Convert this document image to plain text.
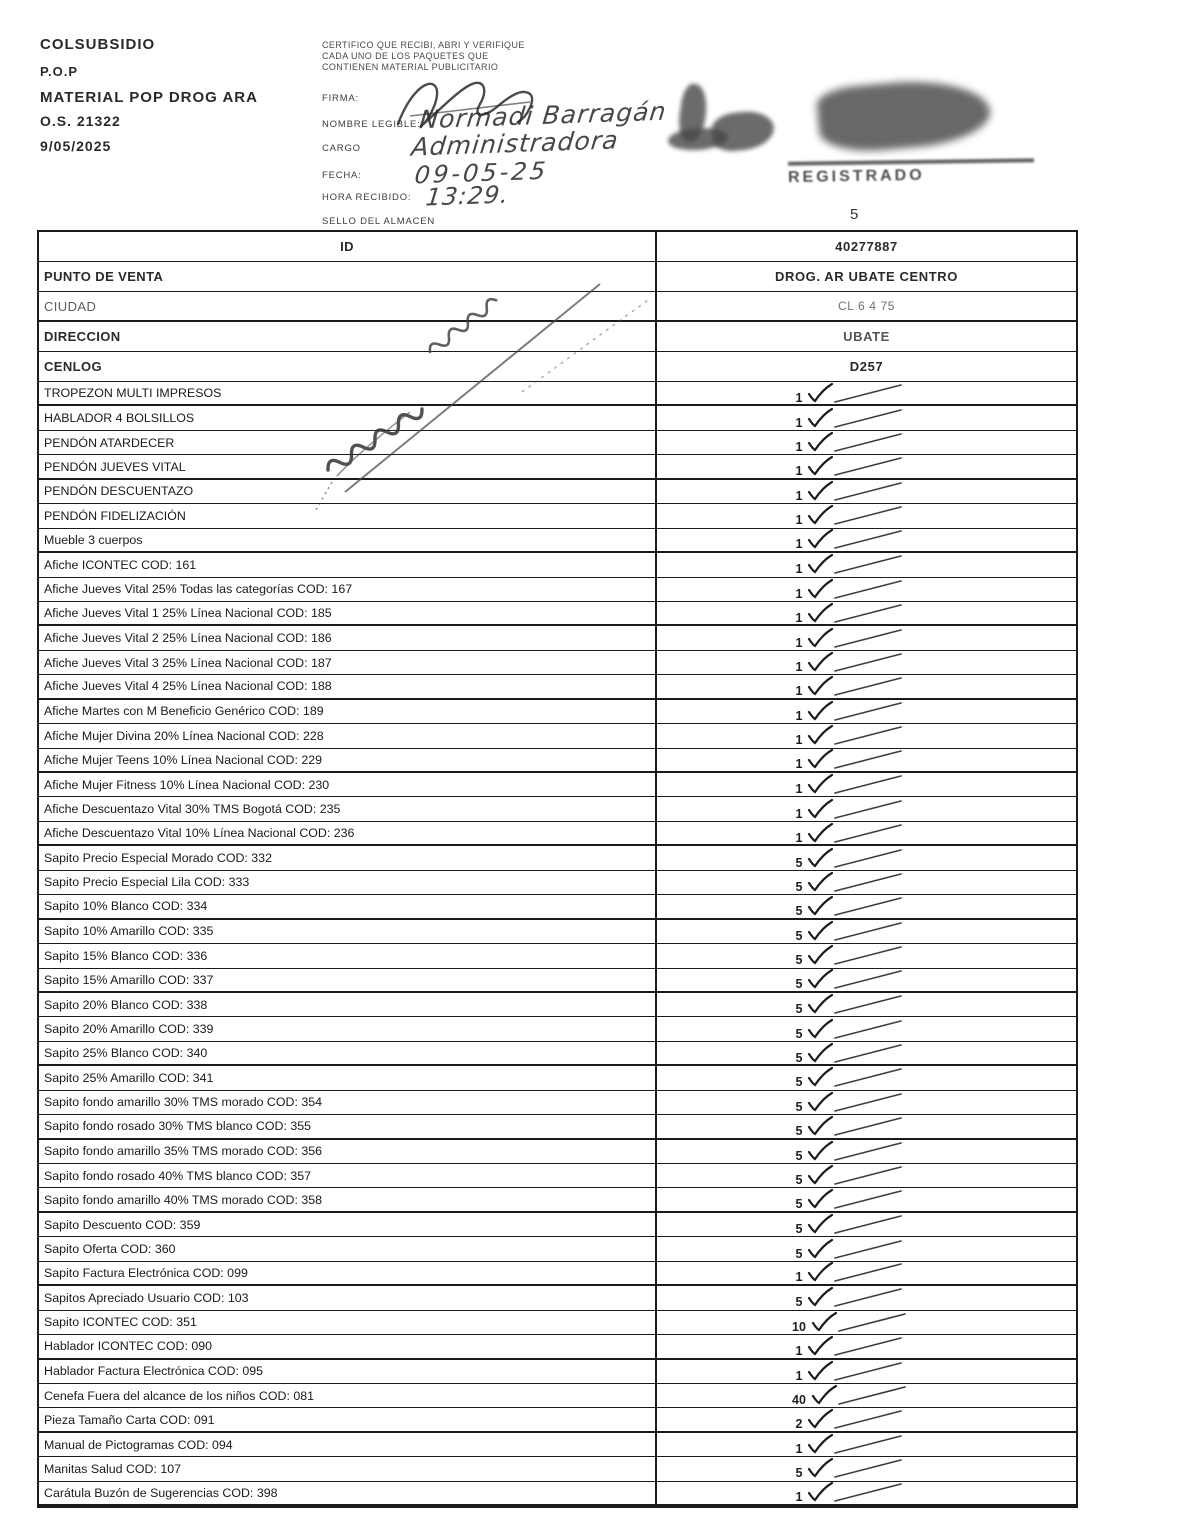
COLSUBSIDIO
P.O.P
MATERIAL POP DROG ARA
O.S. 21322
9/05/2025
CERTIFICO QUE RECIBI, ABRI Y VERIFIQUE
CADA UNO DE LOS PAQUETES QUE
CONTIENEN MATERIAL PUBLICITARIO
FIRMA:
NOMBRE LEGIBLE:
CARGO
FECHA:
HORA RECIBIDO:
SELLO DEL ALMACEN
Normadi Barragán
Administradora
09-05-25
13:29.
REGISTRADO
5
ID	40277887
PUNTO DE VENTA	DROG. AR UBATE CENTRO
CIUDAD	CL 6 4 75
DIRECCION	UBATE
CENLOG	D257
TROPEZON MULTI IMPRESOS	1
HABLADOR 4 BOLSILLOS	1
PENDÓN ATARDECER	1
PENDÓN JUEVES VITAL	1
PENDÓN DESCUENTAZO	1
PENDÓN FIDELIZACIÓN	1
Mueble 3 cuerpos	1
Afiche ICONTEC COD: 161	1
Afiche Jueves Vital 25% Todas las categorías COD: 167	1
Afiche Jueves Vital 1 25% Línea Nacional COD: 185	1
Afiche Jueves Vital 2 25% Línea Nacional COD: 186	1
Afiche Jueves Vital 3 25% Línea Nacional COD: 187	1
Afiche Jueves Vital 4 25% Línea Nacional COD: 188	1
Afiche Martes con M Beneficio Genérico COD: 189	1
Afiche Mujer Divina 20% Línea Nacional COD: 228	1
Afiche Mujer Teens 10% Línea Nacional COD: 229	1
Afiche Mujer Fitness 10% Línea Nacional COD: 230	1
Afiche Descuentazo Vital 30% TMS Bogotá COD: 235	1
Afiche Descuentazo Vital 10% Línea Nacional COD: 236	1
Sapito Precio Especial Morado COD: 332	5
Sapito Precio Especial Lila COD: 333	5
Sapito 10% Blanco COD: 334	5
Sapito 10% Amarillo COD: 335	5
Sapito 15% Blanco COD: 336	5
Sapito 15% Amarillo COD: 337	5
Sapito 20% Blanco COD: 338	5
Sapito 20% Amarillo COD: 339	5
Sapito 25% Blanco COD: 340	5
Sapito 25% Amarillo COD: 341	5
Sapito fondo amarillo 30% TMS morado COD: 354	5
Sapito fondo rosado 30% TMS blanco COD: 355	5
Sapito fondo amarillo 35% TMS morado COD: 356	5
Sapito fondo rosado 40% TMS blanco COD: 357	5
Sapito fondo amarillo 40% TMS morado COD: 358	5
Sapito Descuento COD: 359	5
Sapito Oferta COD: 360	5
Sapito Factura Electrónica COD: 099	1
Sapitos Apreciado Usuario COD: 103	5
Sapito ICONTEC COD: 351	10
Hablador ICONTEC COD: 090	1
Hablador Factura Electrónica COD: 095	1
Cenefa Fuera del alcance de los niños COD: 081	40
Pieza Tamaño Carta COD: 091	2
Manual de Pictogramas COD: 094	1
Manitas Salud COD: 107	5
Carátula Buzón de Sugerencias COD: 398	1
